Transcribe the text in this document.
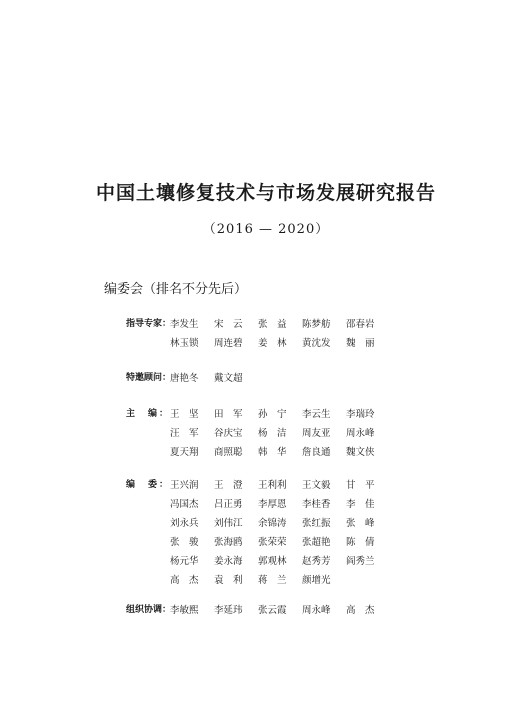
中国土壤修复技术与市场发展研究报告
（2016 — 2020）
编委会（排名不分先后）
指导专家：
李发生	宋　云	张　益	陈梦舫	邵春岩
林玉锁	周连碧	姜　林	黄沈发	魏　丽
特邀顾问：
唐艳冬	戴文超
主　编： 王　坚	田　军	孙　宁	李云生	李瑞玲
汪　军	谷庆宝	杨　洁	周友亚	周永峰
夏天翔	商照聪	韩　华	詹良通	魏文侠
编　委： 王兴润	王　澄	王利利	王文毅	甘　平
冯国杰	吕正勇	李厚恩	李桂香	李　佳
刘永兵	刘伟江	余锦涛	张红振	张　峰
张　骏	张海鸥	张荣荣	张超艳	陈　倩
杨元华	姜永海	郭观林	赵秀芳	阎秀兰
高　杰	袁　利	蒋　兰	颜增光
组织协调：
李敏熙	李延玮	张云霞	周永峰	高　杰
